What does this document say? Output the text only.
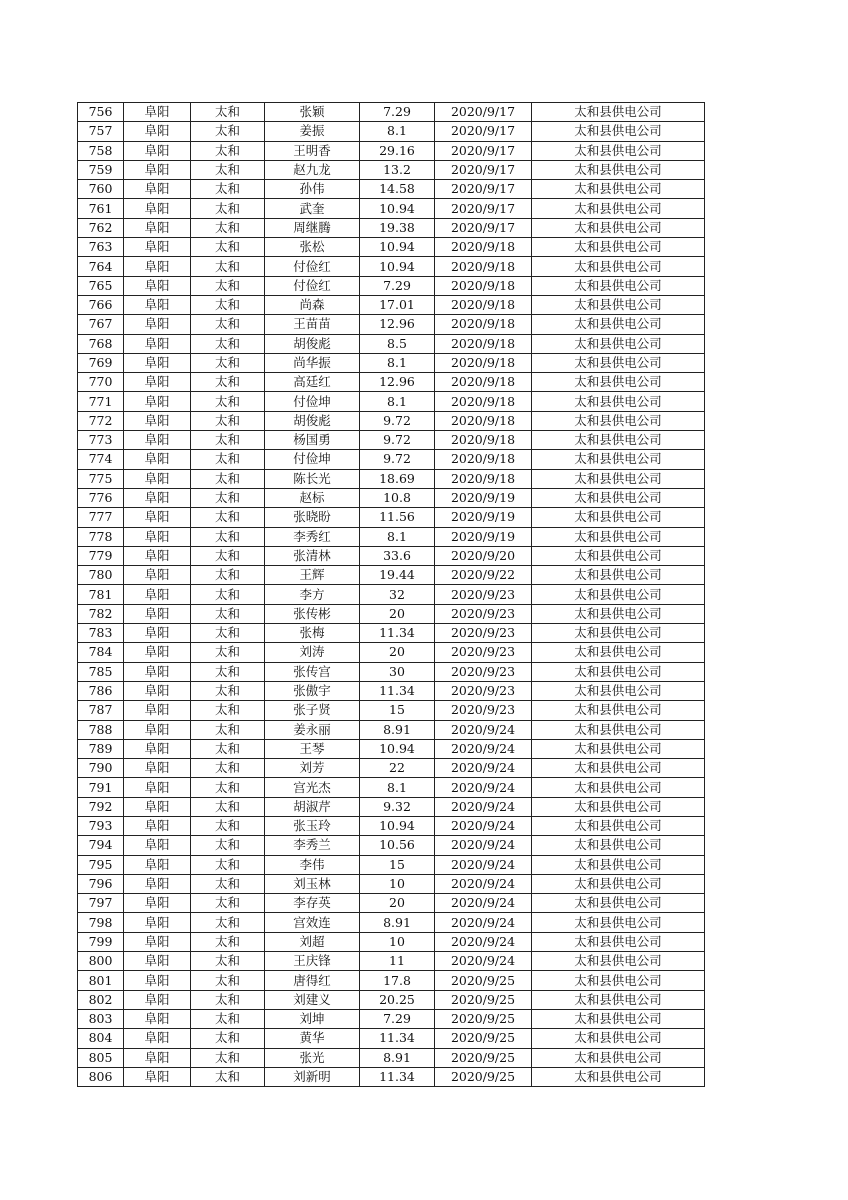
756	阜阳	太和	张颖	7.29	2020/9/17	太和县供电公司
757	阜阳	太和	姜振	8.1	2020/9/17	太和县供电公司
758	阜阳	太和	王明香	29.16	2020/9/17	太和县供电公司
759	阜阳	太和	赵九龙	13.2	2020/9/17	太和县供电公司
760	阜阳	太和	孙伟	14.58	2020/9/17	太和县供电公司
761	阜阳	太和	武奎	10.94	2020/9/17	太和县供电公司
762	阜阳	太和	周继腾	19.38	2020/9/17	太和县供电公司
763	阜阳	太和	张松	10.94	2020/9/18	太和县供电公司
764	阜阳	太和	付俭红	10.94	2020/9/18	太和县供电公司
765	阜阳	太和	付俭红	7.29	2020/9/18	太和县供电公司
766	阜阳	太和	尚森	17.01	2020/9/18	太和县供电公司
767	阜阳	太和	王苗苗	12.96	2020/9/18	太和县供电公司
768	阜阳	太和	胡俊彪	8.5	2020/9/18	太和县供电公司
769	阜阳	太和	尚华振	8.1	2020/9/18	太和县供电公司
770	阜阳	太和	高廷红	12.96	2020/9/18	太和县供电公司
771	阜阳	太和	付俭坤	8.1	2020/9/18	太和县供电公司
772	阜阳	太和	胡俊彪	9.72	2020/9/18	太和县供电公司
773	阜阳	太和	杨国勇	9.72	2020/9/18	太和县供电公司
774	阜阳	太和	付俭坤	9.72	2020/9/18	太和县供电公司
775	阜阳	太和	陈长光	18.69	2020/9/18	太和县供电公司
776	阜阳	太和	赵标	10.8	2020/9/19	太和县供电公司
777	阜阳	太和	张晓盼	11.56	2020/9/19	太和县供电公司
778	阜阳	太和	李秀红	8.1	2020/9/19	太和县供电公司
779	阜阳	太和	张清林	33.6	2020/9/20	太和县供电公司
780	阜阳	太和	王辉	19.44	2020/9/22	太和县供电公司
781	阜阳	太和	李方	32	2020/9/23	太和县供电公司
782	阜阳	太和	张传彬	20	2020/9/23	太和县供电公司
783	阜阳	太和	张梅	11.34	2020/9/23	太和县供电公司
784	阜阳	太和	刘涛	20	2020/9/23	太和县供电公司
785	阜阳	太和	张传宫	30	2020/9/23	太和县供电公司
786	阜阳	太和	张傲宇	11.34	2020/9/23	太和县供电公司
787	阜阳	太和	张子贤	15	2020/9/23	太和县供电公司
788	阜阳	太和	姜永丽	8.91	2020/9/24	太和县供电公司
789	阜阳	太和	王琴	10.94	2020/9/24	太和县供电公司
790	阜阳	太和	刘芳	22	2020/9/24	太和县供电公司
791	阜阳	太和	宫光杰	8.1	2020/9/24	太和县供电公司
792	阜阳	太和	胡淑芹	9.32	2020/9/24	太和县供电公司
793	阜阳	太和	张玉玲	10.94	2020/9/24	太和县供电公司
794	阜阳	太和	李秀兰	10.56	2020/9/24	太和县供电公司
795	阜阳	太和	李伟	15	2020/9/24	太和县供电公司
796	阜阳	太和	刘玉林	10	2020/9/24	太和县供电公司
797	阜阳	太和	李存英	20	2020/9/24	太和县供电公司
798	阜阳	太和	宫效连	8.91	2020/9/24	太和县供电公司
799	阜阳	太和	刘超	10	2020/9/24	太和县供电公司
800	阜阳	太和	王庆锋	11	2020/9/24	太和县供电公司
801	阜阳	太和	唐得红	17.8	2020/9/25	太和县供电公司
802	阜阳	太和	刘建义	20.25	2020/9/25	太和县供电公司
803	阜阳	太和	刘坤	7.29	2020/9/25	太和县供电公司
804	阜阳	太和	黄华	11.34	2020/9/25	太和县供电公司
805	阜阳	太和	张光	8.91	2020/9/25	太和县供电公司
806	阜阳	太和	刘新明	11.34	2020/9/25	太和县供电公司
